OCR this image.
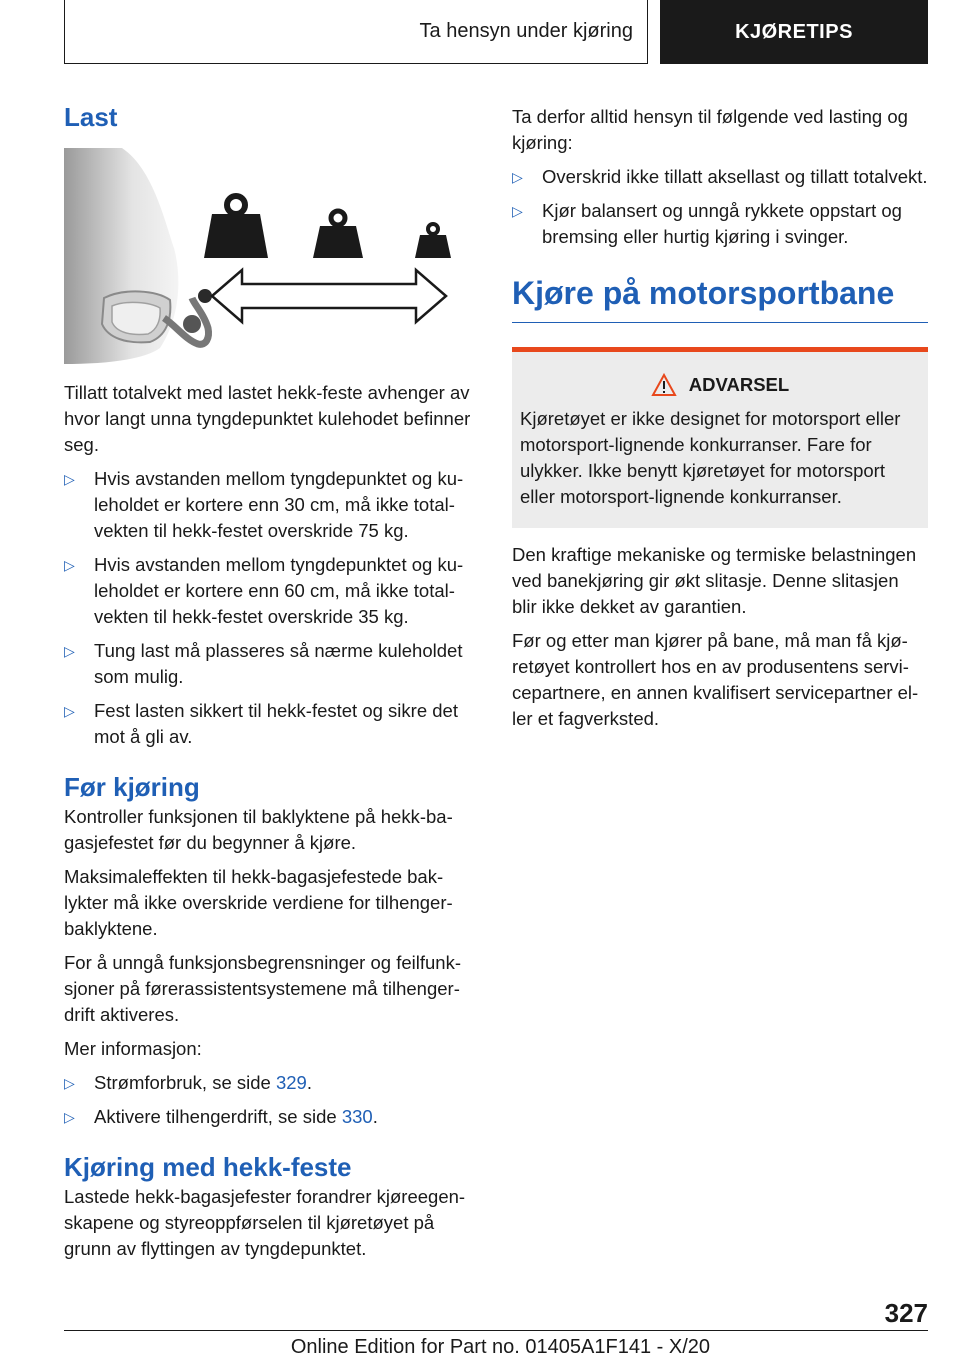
Ta hensyn under kjøring	KJØRETIPS
Last

Tillatt totalvekt med lastet hekk-feste avhenger av hvor langt unna tyngdepunktet kulehodet befinner seg.

▷ Hvis avstanden mellom tyngdepunktet og kuleholdet er kortere enn 30 cm, må ikke totalvekten til hekk-festet overskride 75 kg.
▷ Hvis avstanden mellom tyngdepunktet og kuleholdet er kortere enn 60 cm, må ikke totalvekten til hekk-festet overskride 35 kg.
▷ Tung last må plasseres så nærme kuleholdet som mulig.
▷ Fest lasten sikkert til hekk-festet og sikre det mot å gli av.
Før kjøring

Kontroller funksjonen til baklyktene på hekk-bagasjefestet før du begynner å kjøre.

Maksimaleffekten til hekk-bagasjefestede baklykter må ikke overskride verdiene for tilhengerbaklyktene.

For å unngå funksjonsbegrensninger og feilfunksjoner på førerassistentsystemene må tilhengerdrift aktiveres.

Mer informasjon:

▷ Strømforbruk, se side 329.
▷ Aktivere tilhengerdrift, se side 330.
Kjøring med hekk-feste

Lastede hekk-bagasjefester forandrer kjøreegenskapene og styreoppførselen til kjøretøyet på grunn av flyttingen av tyngdepunktet.

Ta derfor alltid hensyn til følgende ved lasting og kjøring:

▷ Overskrid ikke tillatt aksellast og tillatt totalvekt.
▷ Kjør balansert og unngå rykkete oppstart og bremsing eller hurtig kjøring i svinger.
Kjøre på motorsportbane
ADVARSEL
Kjøretøyet er ikke designet for motorsport eller motorsport-lignende konkurranser. Fare for ulykker. Ikke benytt kjøretøyet for motorsport eller motorsport-lignende konkurranser.

Den kraftige mekaniske og termiske belastningen ved banekjøring gir økt slitasje. Denne slitasjen blir ikke dekket av garantien.

Før og etter man kjører på bane, må man få kjøretøyet kontrollert hos en av produsentens servicepartnere, en annen kvalifisert servicepartner eller et fagverksted.

327
Online Edition for Part no. 01405A1F141 - X/20
